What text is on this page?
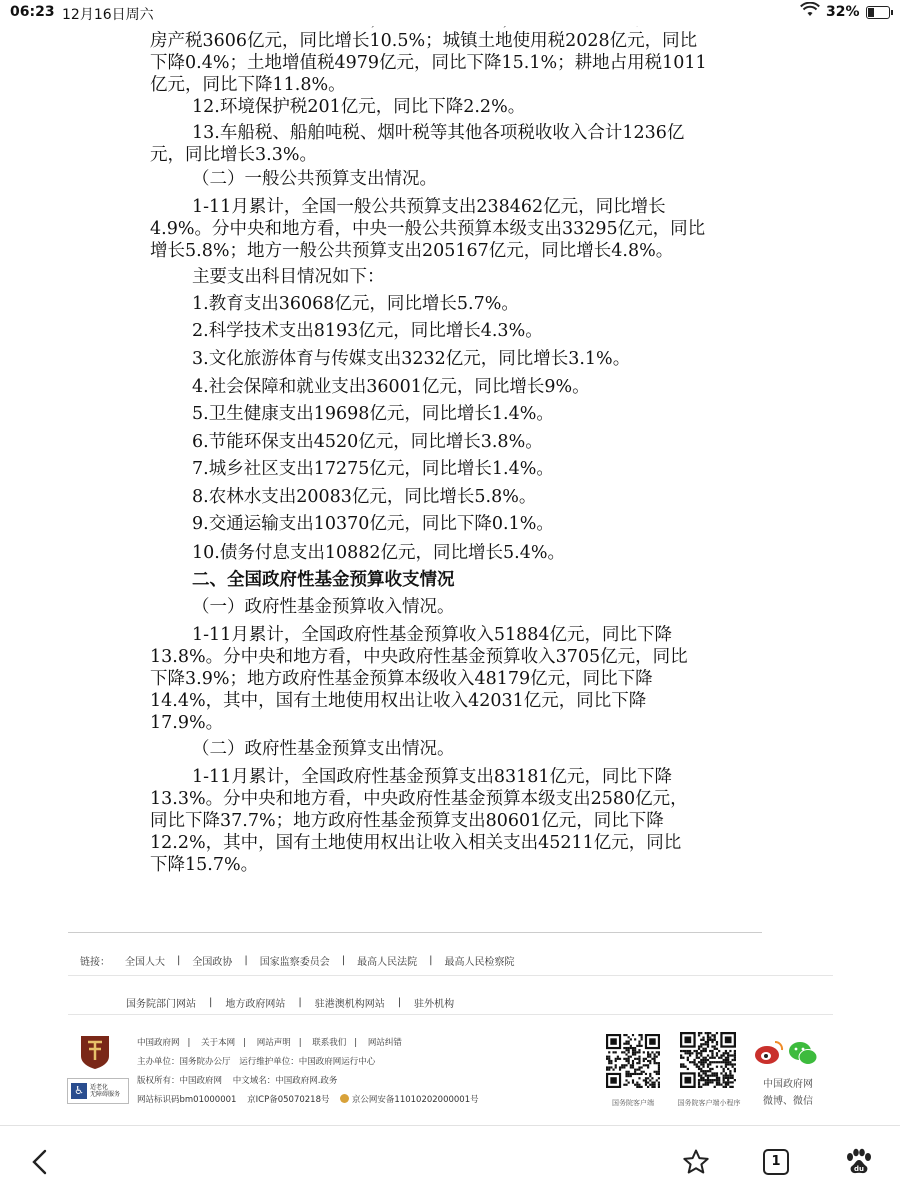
06:23 12月16日周六	32%

房产税3606亿元，同比增长10.5%；城镇土地使用税2028亿元，同比

下降0.4%；土地增值税4979亿元，同比下降15.1%；耕地占用税1011

亿元，同比下降11.8%。

12.环境保护税201亿元，同比下降2.2%。

13.车船税、船舶吨税、烟叶税等其他各项税收收入合计1236亿

元，同比增长3.3%。

（二）一般公共预算支出情况。

1-11月累计，全国一般公共预算支出238462亿元，同比增长

4.9%。分中央和地方看，中央一般公共预算本级支出33295亿元，同比

增长5.8%；地方一般公共预算支出205167亿元，同比增长4.8%。

主要支出科目情况如下：

1.教育支出36068亿元，同比增长5.7%。

2.科学技术支出8193亿元，同比增长4.3%。

3.文化旅游体育与传媒支出3232亿元，同比增长3.1%。

4.社会保障和就业支出36001亿元，同比增长9%。

5.卫生健康支出19698亿元，同比增长1.4%。

6.节能环保支出4520亿元，同比增长3.8%。

7.城乡社区支出17275亿元，同比增长1.4%。

8.农林水支出20083亿元，同比增长5.8%。

9.交通运输支出10370亿元，同比下降0.1%。

10.债务付息支出10882亿元，同比增长5.4%。

二、全国政府性基金预算收支情况

（一）政府性基金预算收入情况。

1-11月累计，全国政府性基金预算收入51884亿元，同比下降

13.8%。分中央和地方看，中央政府性基金预算收入3705亿元，同比

下降3.9%；地方政府性基金预算本级收入48179亿元，同比下降

14.4%，其中，国有土地使用权出让收入42031亿元，同比下降

17.9%。

（二）政府性基金预算支出情况。

1-11月累计，全国政府性基金预算支出83181亿元，同比下降

13.3%。分中央和地方看，中央政府性基金预算本级支出2580亿元，

同比下降37.7%；地方政府性基金预算支出80601亿元，同比下降

12.2%，其中，国有土地使用权出让收入相关支出45211亿元，同比

下降15.7%。

链接：	全国人大 | 全国政协 | 国家监察委员会 | 最高人民法院 | 最高人民检察院
国务院部门网站 | 地方政府网站 | 驻港澳机构网站 | 驻外机构
♿	适老化
无障碍服务
中国政府网 | 关于本网 | 网站声明 | 联系我们 | 网站纠错
主办单位：国务院办公厅 运行维护单位：中国政府网运行中心
版权所有：中国政府网 中文域名：中国政府网.政务
网站标识码bm01000001 京ICP备05070218号	京公网安备11010202000001号	国务院客户端	国务院客户端小程序
中国政府网
微博、微信
1	du
